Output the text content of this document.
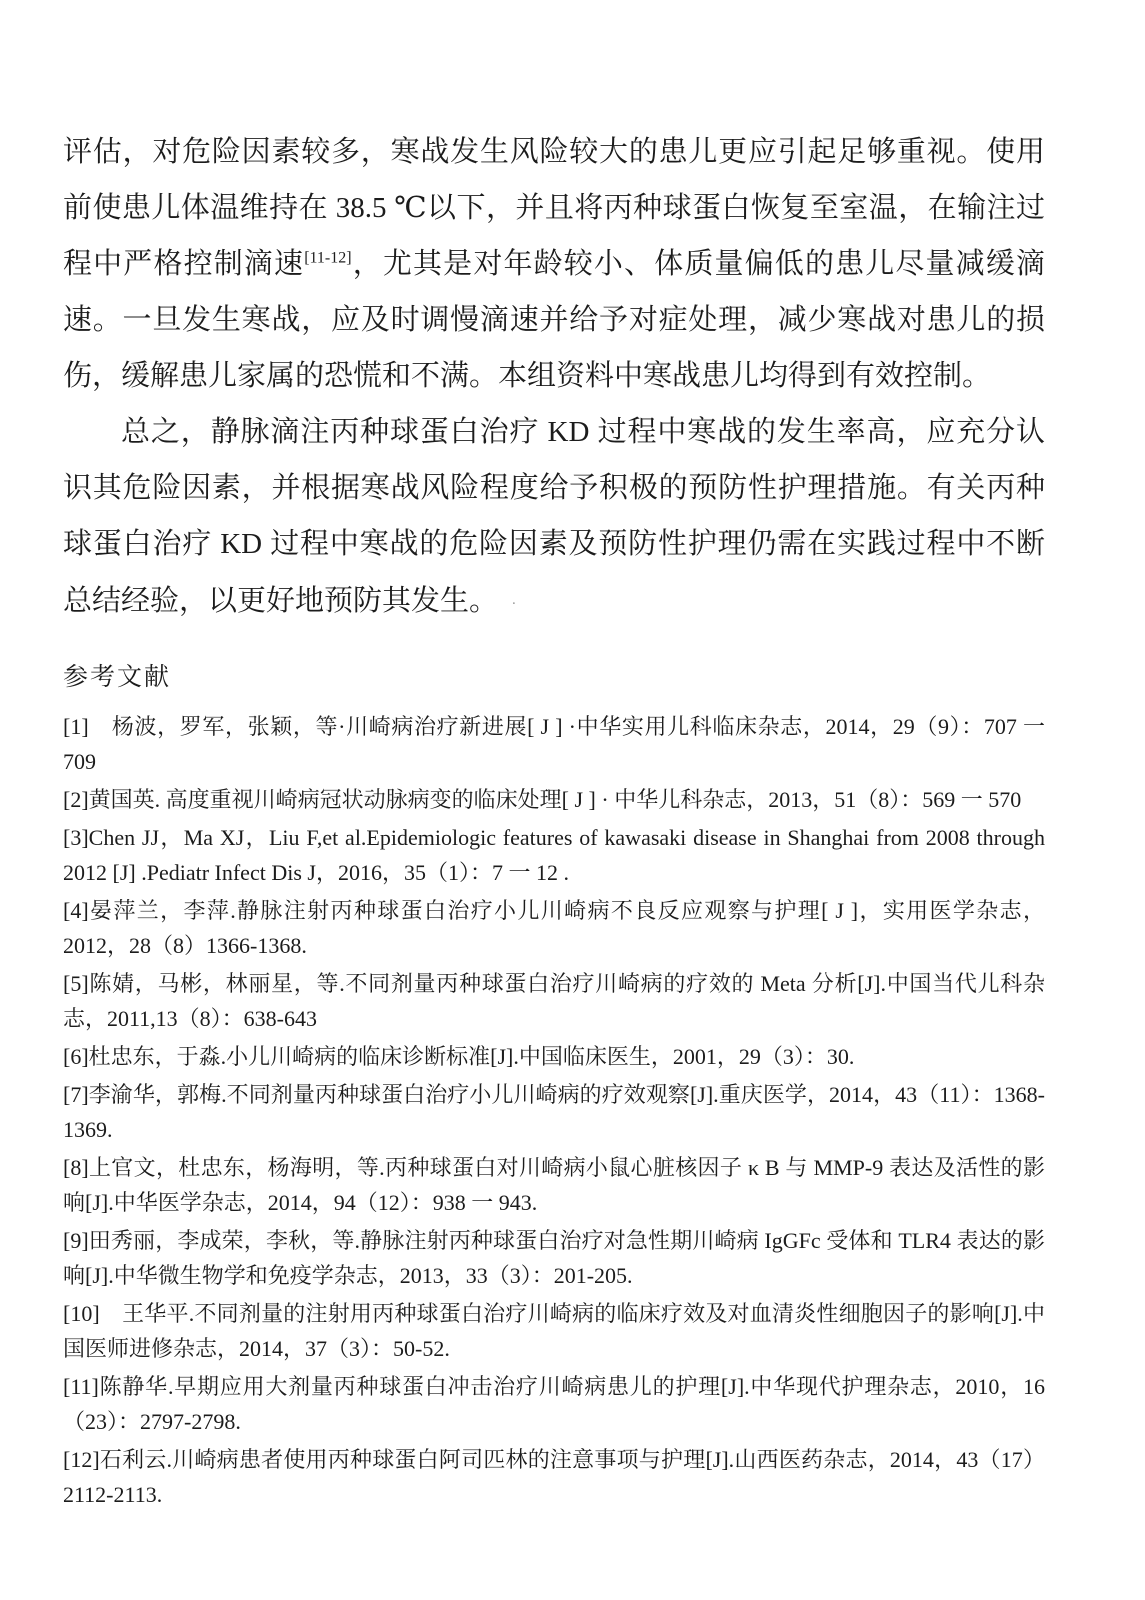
评估，对危险因素较多，寒战发生风险较大的患儿更应引起足够重视。使用前使患儿体温维持在 38.5 ℃以下，并且将丙种球蛋白恢复至室温，在输注过程中严格控制滴速[11-12]，尤其是对年龄较小、体质量偏低的患儿尽量减缓滴速。一旦发生寒战，应及时调慢滴速并给予对症处理，减少寒战对患儿的损伤，缓解患儿家属的恐慌和不满。本组资料中寒战患儿均得到有效控制。

总之，静脉滴注丙种球蛋白治疗 KD 过程中寒战的发生率高，应充分认识其危险因素，并根据寒战风险程度给予积极的预防性护理措施。有关丙种球蛋白治疗 KD 过程中寒战的危险因素及预防性护理仍需在实践过程中不断总结经验，以更好地预防其发生。 .

参考文献

[1]　杨波，罗军，张颖，等·川崎病治疗新进展[ J ] ·中华实用儿科临床杂志，2014，29（9）：707 一 709

[2]黄国英. 高度重视川崎病冠状动脉病变的临床处理[ J ] · 中华儿科杂志，2013，51（8）：569 一 570

[3]Chen JJ，Ma XJ，Liu F,et al.Epidemiologic features of kawasaki disease in Shanghai from 2008 through 2012 [J] .Pediatr Infect Dis J，2016，35（1）：7 一 12 .

[4]晏萍兰，李萍.静脉注射丙种球蛋白治疗小儿川崎病不良反应观察与护理[ J ]，实用医学杂志，2012，28（8）1366-1368.

[5]陈婧，马彬，林丽星，等.不同剂量丙种球蛋白治疗川崎病的疗效的 Meta 分析[J].中国当代儿科杂志，2011,13（8）：638-643

[6]杜忠东，于淼.小儿川崎病的临床诊断标准[J].中国临床医生，2001，29（3）：30.

[7]李渝华，郭梅.不同剂量丙种球蛋白治疗小儿川崎病的疗效观察[J].重庆医学，2014，43（11）：1368-1369.

[8]上官文，杜忠东，杨海明，等.丙种球蛋白对川崎病小鼠心脏核因子 κ B 与 MMP-9 表达及活性的影响[J].中华医学杂志，2014，94（12）：938 一 943.

[9]田秀丽，李成荣，李秋，等.静脉注射丙种球蛋白治疗对急性期川崎病 IgGFc 受体和 TLR4 表达的影响[J].中华微生物学和免疫学杂志，2013，33（3）：201-205.

[10]　王华平.不同剂量的注射用丙种球蛋白治疗川崎病的临床疗效及对血清炎性细胞因子的影响[J].中国医师进修杂志，2014，37（3）：50-52.

[11]陈静华.早期应用大剂量丙种球蛋白冲击治疗川崎病患儿的护理[J].中华现代护理杂志，2010，16（23）：2797-2798.

[12]石利云.川崎病患者使用丙种球蛋白阿司匹林的注意事项与护理[J].山西医药杂志，2014，43（17）2112-2113.
